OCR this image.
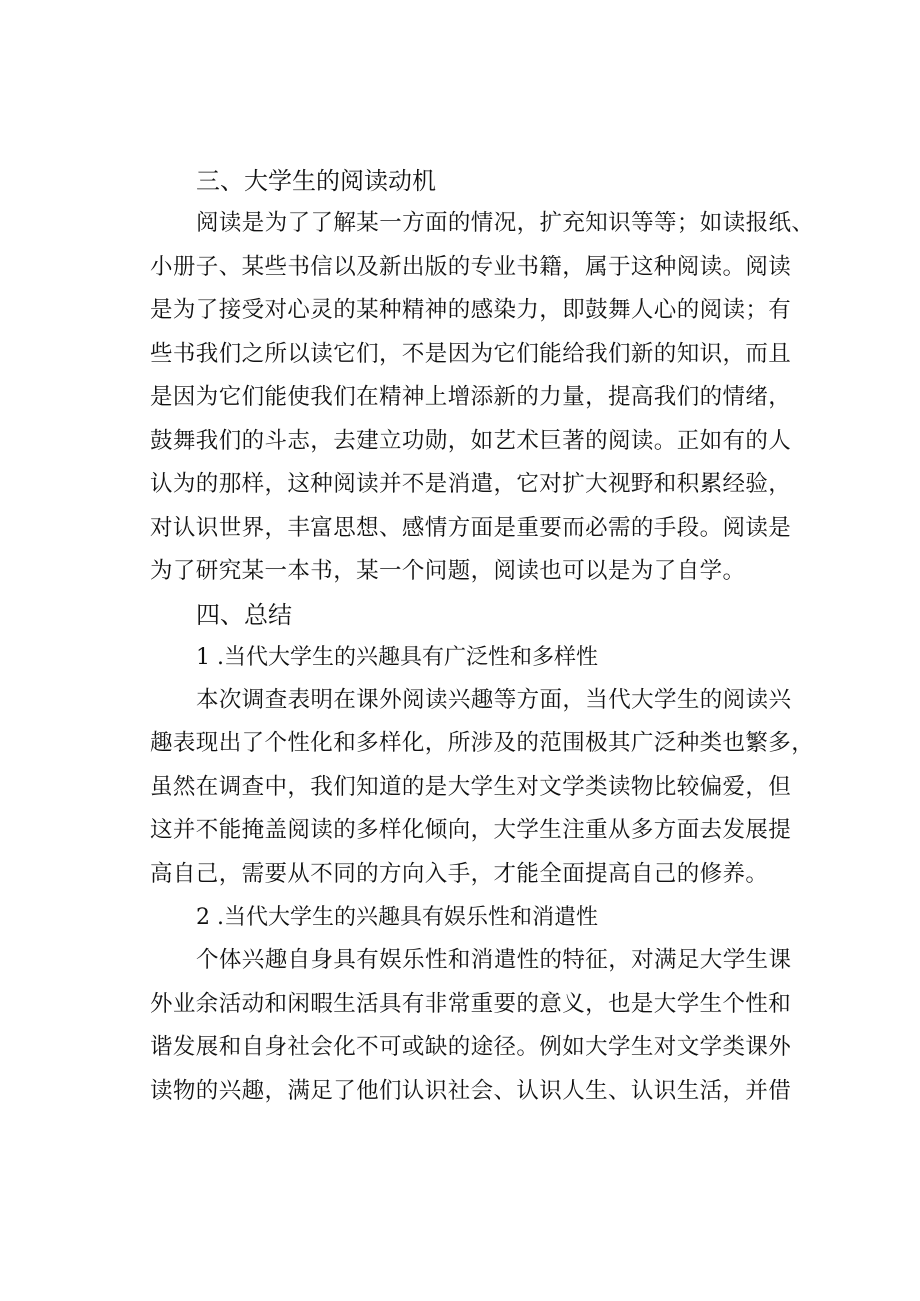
三、大学生的阅读动机
阅读是为了了解某一方面的情况，扩充知识等等；如读报纸、
小册子、某些书信以及新出版的专业书籍，属于这种阅读。阅读
是为了接受对心灵的某种精神的感染力，即鼓舞人心的阅读；有
些书我们之所以读它们，不是因为它们能给我们新的知识，而且
是因为它们能使我们在精神上增添新的力量，提高我们的情绪，
鼓舞我们的斗志，去建立功勋，如艺术巨著的阅读。正如有的人
认为的那样，这种阅读并不是消遣，它对扩大视野和积累经验，
对认识世界，丰富思想、感情方面是重要而必需的手段。阅读是
为了研究某一本书，某一个问题，阅读也可以是为了自学。
四、总结
1 .当代大学生的兴趣具有广泛性和多样性
本次调查表明在课外阅读兴趣等方面，当代大学生的阅读兴
趣表现出了个性化和多样化，所涉及的范围极其广泛种类也繁多，
虽然在调查中，我们知道的是大学生对文学类读物比较偏爱，但
这并不能掩盖阅读的多样化倾向，大学生注重从多方面去发展提
高自己，需要从不同的方向入手，才能全面提高自己的修养。
2 .当代大学生的兴趣具有娱乐性和消遣性
个体兴趣自身具有娱乐性和消遣性的特征，对满足大学生课
外业余活动和闲暇生活具有非常重要的意义，也是大学生个性和
谐发展和自身社会化不可或缺的途径。例如大学生对文学类课外
读物的兴趣，满足了他们认识社会、认识人生、认识生活，并借
